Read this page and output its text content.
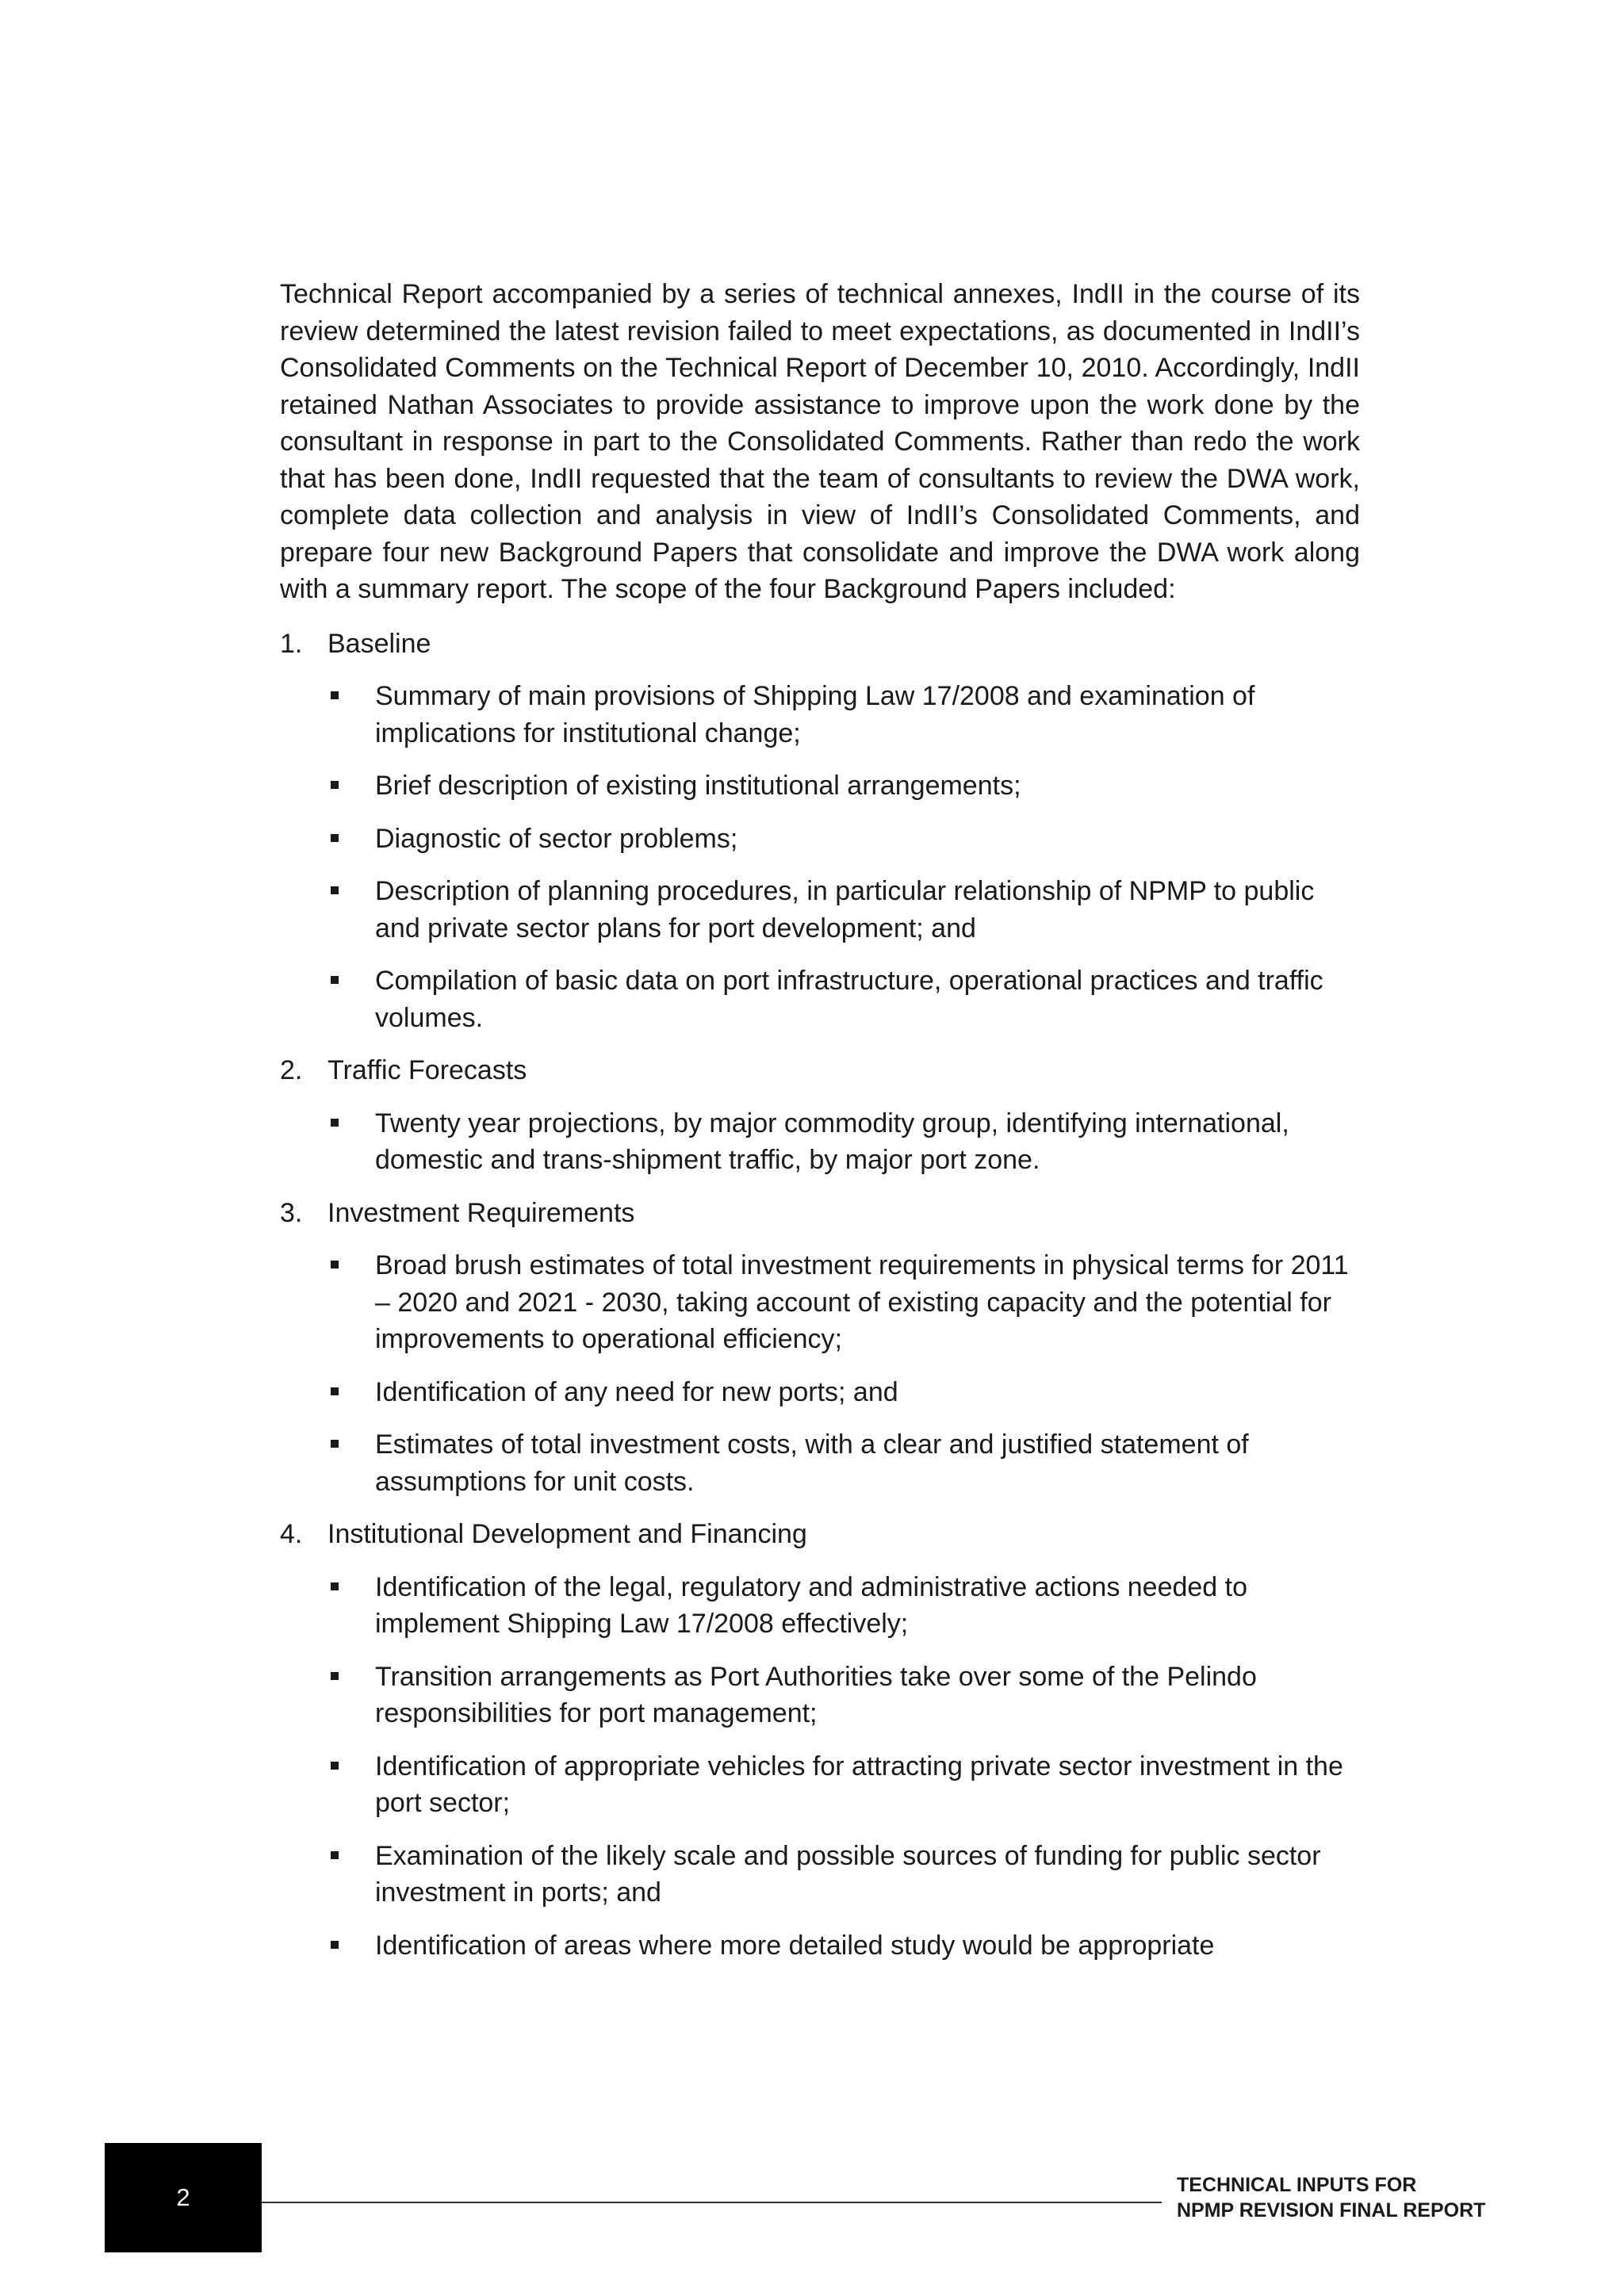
Technical Report accompanied by a series of technical annexes, IndII in the course of its review determined the latest revision failed to meet expectations, as documented in IndII’s Consolidated Comments on the Technical Report of December 10, 2010. Accordingly, IndII retained Nathan Associates to provide assistance to improve upon the work done by the consultant in response in part to the Consolidated Comments. Rather than redo the work that has been done, IndII requested that the team of consultants to review the DWA work, complete data collection and analysis in view of IndII’s Consolidated Comments, and prepare four new Background Papers that consolidate and improve the DWA work along with a summary report. The scope of the four Background Papers included:

1. Baseline
Summary of main provisions of Shipping Law 17/2008 and examination of implications for institutional change;
Brief description of existing institutional arrangements;
Diagnostic of sector problems;
Description of planning procedures, in particular relationship of NPMP to public and private sector plans for port development; and
Compilation of basic data on port infrastructure, operational practices and traffic volumes.
2. Traffic Forecasts
Twenty year projections, by major commodity group, identifying international, domestic and trans-shipment traffic, by major port zone.
3. Investment Requirements
Broad brush estimates of total investment requirements in physical terms for 2011 – 2020 and 2021 - 2030, taking account of existing capacity and the potential for improvements to operational efficiency;
Identification of any need for new ports; and
Estimates of total investment costs, with a clear and justified statement of assumptions for unit costs.
4. Institutional Development and Financing
Identification of the legal, regulatory and administrative actions needed to implement Shipping Law 17/2008 effectively;
Transition arrangements as Port Authorities take over some of the Pelindo responsibilities for port management;
Identification of appropriate vehicles for attracting private sector investment in the port sector;
Examination of the likely scale and possible sources of funding for public sector investment in ports; and
Identification of areas where more detailed study would be appropriate
2	TECHNICAL INPUTS FOR
NPMP REVISION FINAL REPORT
